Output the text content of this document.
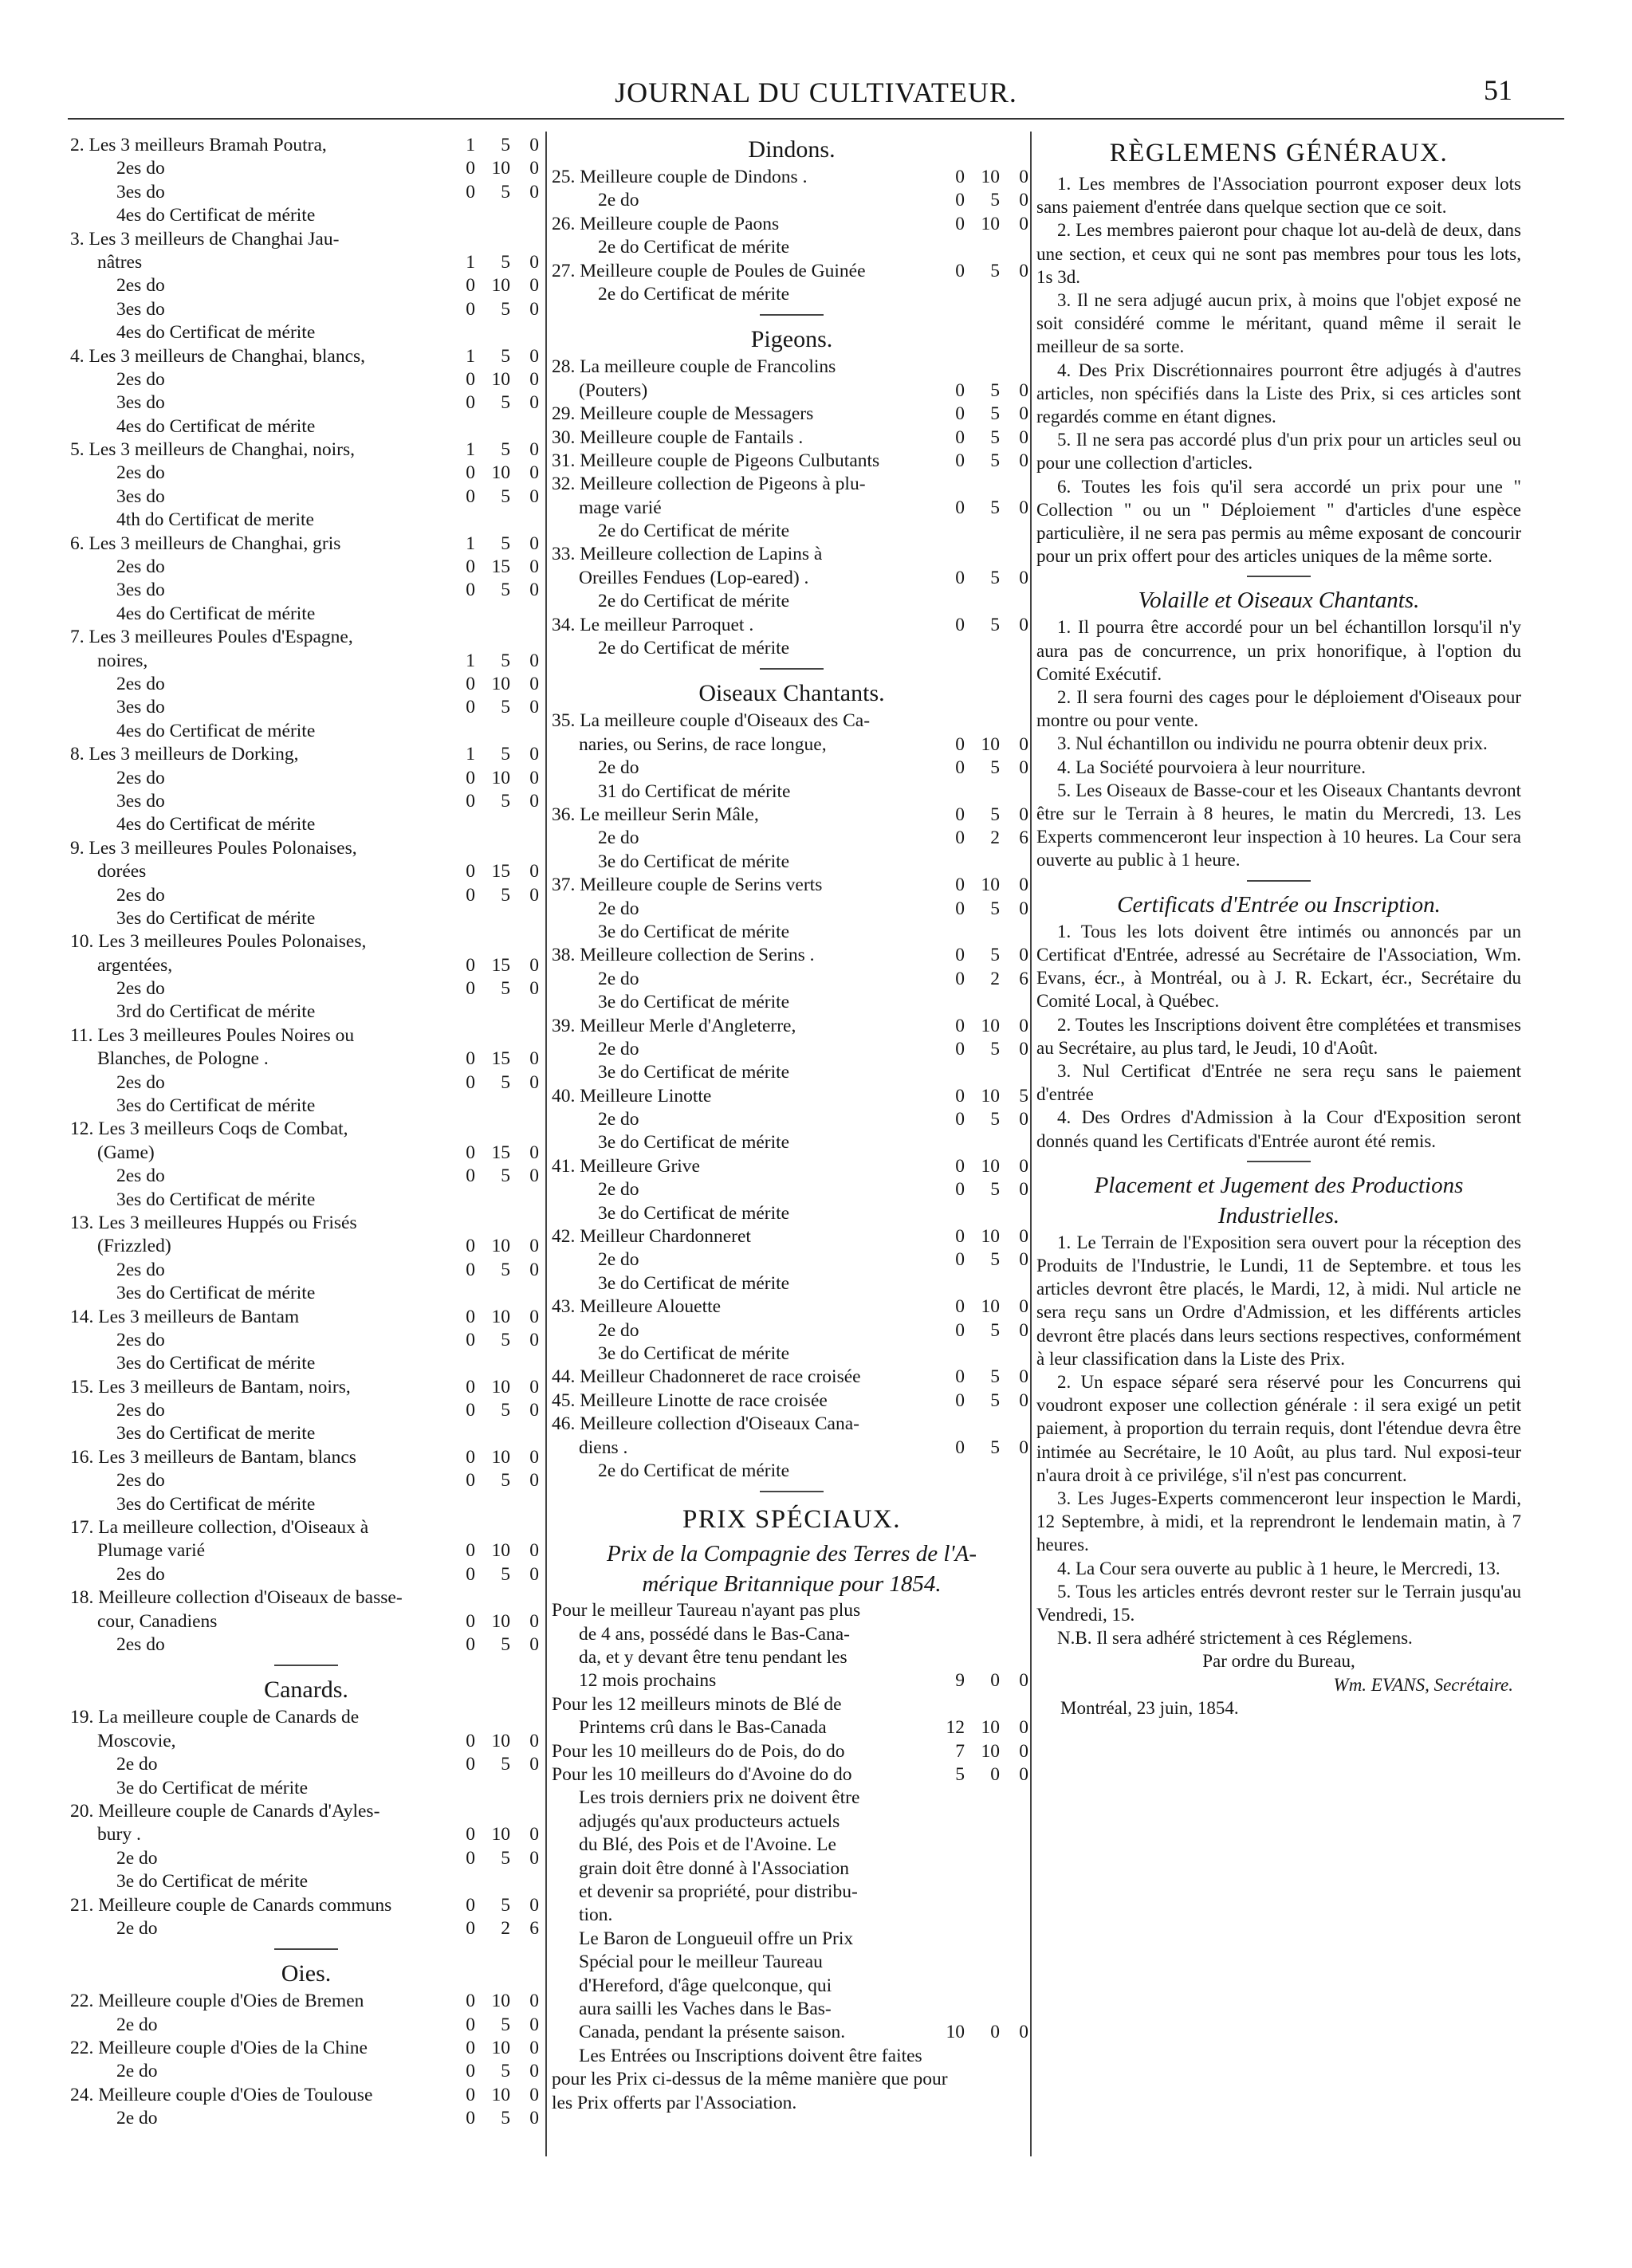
JOURNAL DU CULTIVATEUR.	51
2. Les 3 meilleurs Bramah Poutra,	1	5	0
2es do	0 10	0
3es do	0	5	0
4es do Certificat de mérite
3. Les 3 meilleurs de Changhai Jau-
nâtres	1	5	0
2es do	0 10	0
3es do	0	5	0
4es do Certificat de mérite
4. Les 3 meilleurs de Changhai, blancs,	1	5	0
2es do	0 10	0
3es do	0	5	0
4es do Certificat de mérite
5. Les 3 meilleurs de Changhai, noirs,	1	5	0
2es do	0 10	0
3es do	0	5	0
4th do Certificat de merite
6. Les 3 meilleurs de Changhai, gris	1	5	0
2es do	0 15	0
3es do	0	5	0
4es do Certificat de mérite
7. Les 3 meilleures Poules d'Espagne,
noires,	1	5	0
2es do	0 10	0
3es do	0	5	0
4es do Certificat de mérite
8. Les 3 meilleurs de Dorking,	1	5	0
2es do	0 10	0
3es do	0	5	0
4es do Certificat de mérite
9. Les 3 meilleures Poules Polonaises,
dorées	0 15	0
2es do	0	5	0
3es do Certificat de mérite
10. Les 3 meilleures Poules Polonaises,
argentées,	0 15	0
2es do	0	5	0
3rd do Certificat de mérite
11. Les 3 meilleures Poules Noires ou
Blanches, de Pologne .	0 15	0
2es do	0	5	0
3es do Certificat de mérite
12. Les 3 meilleurs Coqs de Combat,
(Game)	0 15	0
2es do	0	5	0
3es do Certificat de mérite
13. Les 3 meilleures Huppés ou Frisés
(Frizzled)	0 10	0
2es do	0	5	0
3es do Certificat de mérite
14. Les 3 meilleurs de Bantam	0 10	0
2es do	0	5	0
3es do Certificat de mérite
15. Les 3 meilleurs de Bantam, noirs,	0 10	0
2es do	0	5	0
3es do Certificat de merite
16. Les 3 meilleurs de Bantam, blancs	0 10	0
2es do	0	5	0
3es do Certificat de mérite
17. La meilleure collection, d'Oiseaux à
Plumage varié	0 10	0
2es do	0	5	0
18. Meilleure collection d'Oiseaux de basse-
cour, Canadiens	0 10	0
2es do	0	5	0
Canards.
19. La meilleure couple de Canards de
Moscovie,	0 10	0
2e do	0	5	0
3e do Certificat de mérite
20. Meilleure couple de Canards d'Ayles-
bury .	0 10	0
2e do	0	5	0
3e do Certificat de mérite
21. Meilleure couple de Canards communs	0	5	0
2e do	0	2	6
Oies.
22. Meilleure couple d'Oies de Bremen	0 10	0
2e do	0	5	0
22. Meilleure couple d'Oies de la Chine	0 10	0
2e do	0	5	0
24. Meilleure couple d'Oies de Toulouse	0 10	0
2e do	0	5	0
Dindons.
25. Meilleure couple de Dindons .	0 10	0
2e do	0	5	0
26. Meilleure couple de Paons	0 10	0
2e do Certificat de mérite
27. Meilleure couple de Poules de Guinée	0	5	0
2e do Certificat de mérite
Pigeons.
28. La meilleure couple de Francolins
(Pouters)	0	5	0
29. Meilleure couple de Messagers	0	5	0
30. Meilleure couple de Fantails .	0	5	0
31. Meilleure couple de Pigeons Culbutants	0	5	0
32. Meilleure collection de Pigeons à plu-
mage varié	0	5	0
2e do Certificat de mérite
33. Meilleure collection de Lapins à
Oreilles Fendues (Lop-eared) .	0	5	0
2e do Certificat de mérite
34. Le meilleur Parroquet .	0	5	0
2e do Certificat de mérite
Oiseaux Chantants.
35. La meilleure couple d'Oiseaux des Ca-
naries, ou Serins, de race longue,	0 10	0
2e do	0	5	0
31 do Certificat de mérite
36. Le meilleur Serin Mâle,	0	5	0
2e do	0	2	6
3e do Certificat de mérite
37. Meilleure couple de Serins verts	0 10	0
2e do	0	5	0
3e do Certificat de mérite
38. Meilleure collection de Serins .	0	5	0
2e do	0	2	6
3e do Certificat de mérite
39. Meilleur Merle d'Angleterre,	0 10	0
2e do	0	5	0
3e do Certificat de mérite
40. Meilleure Linotte	0 10	5
2e do	0	5	0
3e do Certificat de mérite
41. Meilleure Grive	0 10	0
2e do	0	5	0
3e do Certificat de mérite
42. Meilleur Chardonneret	0 10	0
2e do	0	5	0
3e do Certificat de mérite
43. Meilleure Alouette	0 10	0
2e do	0	5	0
3e do Certificat de mérite
44. Meilleur Chadonneret de race croisée	0	5	0
45. Meilleure Linotte de race croisée	0	5	0
46. Meilleure collection d'Oiseaux Cana-
diens .	0	5	0
2e do Certificat de mérite
PRIX SPÉCIAUX.
Prix de la Compagnie des Terres de l'A-
mérique Britannique pour 1854.
Pour le meilleur Taureau n'ayant pas plus
de 4 ans, possédé dans le Bas-Cana-
da, et y devant être tenu pendant les
12 mois prochains	9	0	0
Pour les 12 meilleurs minots de Blé de
Printems crû dans le Bas-Canada	12 10	0
Pour les 10 meilleurs do de Pois, do do	7 10	0
Pour les 10 meilleurs do d'Avoine do do	5	0	0
Les trois derniers prix ne doivent être
adjugés qu'aux producteurs actuels
du Blé, des Pois et de l'Avoine. Le
grain doit être donné à l'Association
et devenir sa propriété, pour distribu-
tion.
Le Baron de Longueuil offre un Prix
Spécial pour le meilleur Taureau
d'Hereford, d'âge quelconque, qui
aura sailli les Vaches dans le Bas-
Canada, pendant la présente saison.	10	0	0
Les Entrées ou Inscriptions doivent être faites
pour les Prix ci-dessus de la même manière que pour
les Prix offerts par l'Association.
RÈGLEMENS GÉNÉRAUX.

1. Les membres de l'Association pourront exposer deux lots sans paiement d'entrée dans quelque section que ce soit.

2. Les membres paieront pour chaque lot au-delà de deux, dans une section, et ceux qui ne sont pas membres pour tous les lots, 1s 3d.

3. Il ne sera adjugé aucun prix, à moins que l'objet exposé ne soit considéré comme le méritant, quand même il serait le meilleur de sa sorte.

4. Des Prix Discrétionnaires pourront être adjugés à d'autres articles, non spécifiés dans la Liste des Prix, si ces articles sont regardés comme en étant dignes.

5. Il ne sera pas accordé plus d'un prix pour un articles seul ou pour une collection d'articles.

6. Toutes les fois qu'il sera accordé un prix pour une " Collection " ou un " Déploiement " d'articles d'une espèce particulière, il ne sera pas permis au même exposant de concourir pour un prix offert pour des articles uniques de la même sorte.

Volaille et Oiseaux Chantants.

1. Il pourra être accordé pour un bel échantillon lorsqu'il n'y aura pas de concurrence, un prix honorifique, à l'option du Comité Exécutif.

2. Il sera fourni des cages pour le déploiement d'Oiseaux pour montre ou pour vente.

3. Nul échantillon ou individu ne pourra obtenir deux prix.

4. La Société pourvoiera à leur nourriture.

5. Les Oiseaux de Basse-cour et les Oiseaux Chantants devront être sur le Terrain à 8 heures, le matin du Mercredi, 13. Les Experts commenceront leur inspection à 10 heures. La Cour sera ouverte au public à 1 heure.

Certificats d'Entrée ou Inscription.

1. Tous les lots doivent être intimés ou annoncés par un Certificat d'Entrée, adressé au Secrétaire de l'Association, Wm. Evans, écr., à Montréal, ou à J. R. Eckart, écr., Secrétaire du Comité Local, à Québec.

2. Toutes les Inscriptions doivent être complétées et transmises au Secrétaire, au plus tard, le Jeudi, 10 d'Août.

3. Nul Certificat d'Entrée ne sera reçu sans le paiement d'entrée

4. Des Ordres d'Admission à la Cour d'Exposition seront donnés quand les Certificats d'Entrée auront été remis.

Placement et Jugement des Productions
Industrielles.

1. Le Terrain de l'Exposition sera ouvert pour la réception des Produits de l'Industrie, le Lundi, 11 de Septembre. et tous les articles devront être placés, le Mardi, 12, à midi. Nul article ne sera reçu sans un Ordre d'Admission, et les différents articles devront être placés dans leurs sections respectives, conformément à leur classification dans la Liste des Prix.

2. Un espace séparé sera réservé pour les Concurrens qui voudront exposer une collection générale : il sera exigé un petit paiement, à proportion du terrain requis, dont l'étendue devra être intimée au Secrétaire, le 10 Août, au plus tard. Nul exposi-teur n'aura droit à ce privilége, s'il n'est pas concurrent.

3. Les Juges-Experts commenceront leur inspection le Mardi, 12 Septembre, à midi, et la reprendront le lendemain matin, à 7 heures.

4. La Cour sera ouverte au public à 1 heure, le Mercredi, 13.

5. Tous les articles entrés devront rester sur le Terrain jusqu'au Vendredi, 15.

N.B. Il sera adhéré strictement à ces Réglemens.

Par ordre du Bureau,
Wm. EVANS, Secrétaire.
Montréal, 23 juin, 1854.
